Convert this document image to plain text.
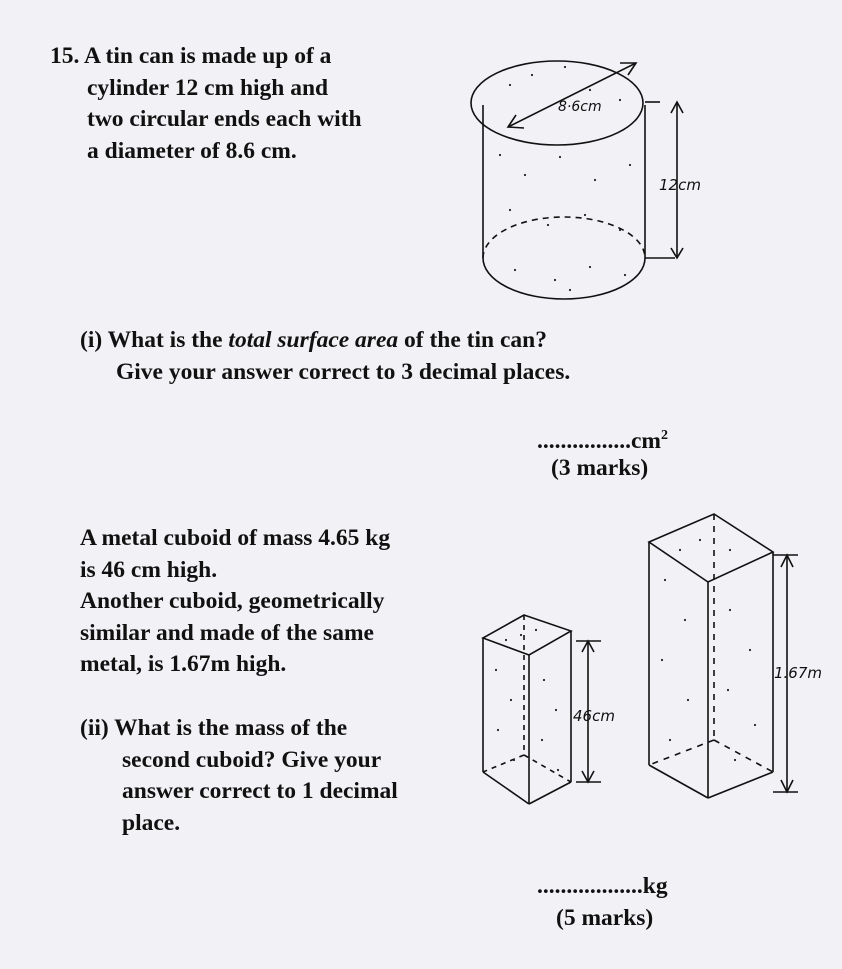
15. A tin can is made up of a
cylinder 12 cm high and
two circular ends each with
a diameter of 8.6 cm.
8·6cm
12cm
(i) What is the total surface area of the tin can?
Give your answer correct to 3 decimal places.
$................cm^2$
(3 marks)
A metal cuboid of mass 4.65 kg
is 46 cm high.
Another cuboid, geometrically
similar and made of the same
metal, is 1.67m high.
(ii) What is the mass of the
second cuboid? Give your
answer correct to 1 decimal
place.
46cm
1.67m
..................kg
(5 marks)
